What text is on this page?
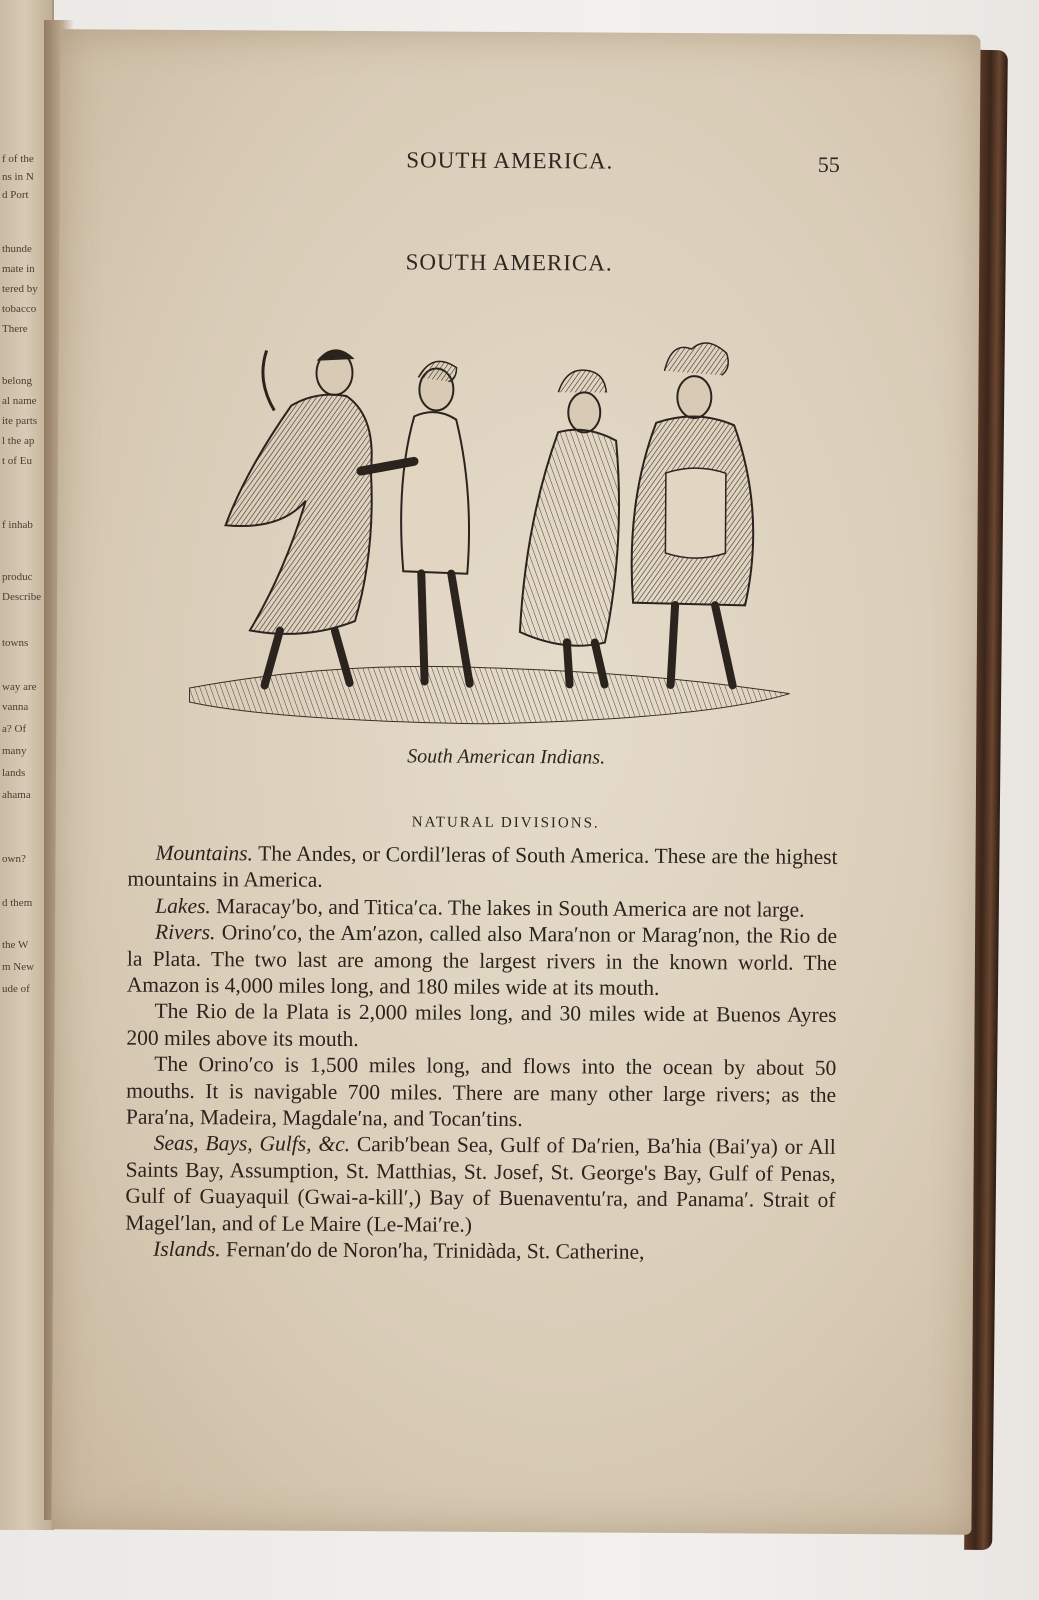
f of the
ns in N
d Port
thunde
mate in
tered by
tobacco
There
belong
al name
ite parts
l the ap
t of Eu
f inhab
produc
Describe
towns
way are
vanna
a? Of
many
lands
ahama
own?
d them
the W
m New
ude of
SOUTH AMERICA.	55
SOUTH AMERICA.
South American Indians.
NATURAL DIVISIONS.

Mountains. The Andes, or Cordil′leras of South America. These are the highest mountains in America.

Lakes. Maracay′bo, and Titica′ca. The lakes in South America are not large.

Rivers. Orino′co, the Am′azon, called also Mara′non or Marag′non, the Rio de la Plata. The two last are among the largest rivers in the known world. The Amazon is 4,000 miles long, and 180 miles wide at its mouth.

The Rio de la Plata is 2,000 miles long, and 30 miles wide at Buenos Ayres 200 miles above its mouth.

The Orino′co is 1,500 miles long, and flows into the ocean by about 50 mouths. It is navigable 700 miles. There are many other large rivers; as the Para′na, Madeira, Magdale′na, and Tocan′tins.

Seas, Bays, Gulfs, &c. Carib′bean Sea, Gulf of Da′rien, Ba′hia (Bai′ya) or All Saints Bay, Assumption, St. Matthias, St. Josef, St. George's Bay, Gulf of Penas, Gulf of Guayaquil (Gwai-a-kill′,) Bay of Buenaventu′ra, and Panama′. Strait of Magel′lan, and of Le Maire (Le-Mai′re.)

Islands. Fernan′do de Noron′ha, Trinidàda, St. Catherine,
